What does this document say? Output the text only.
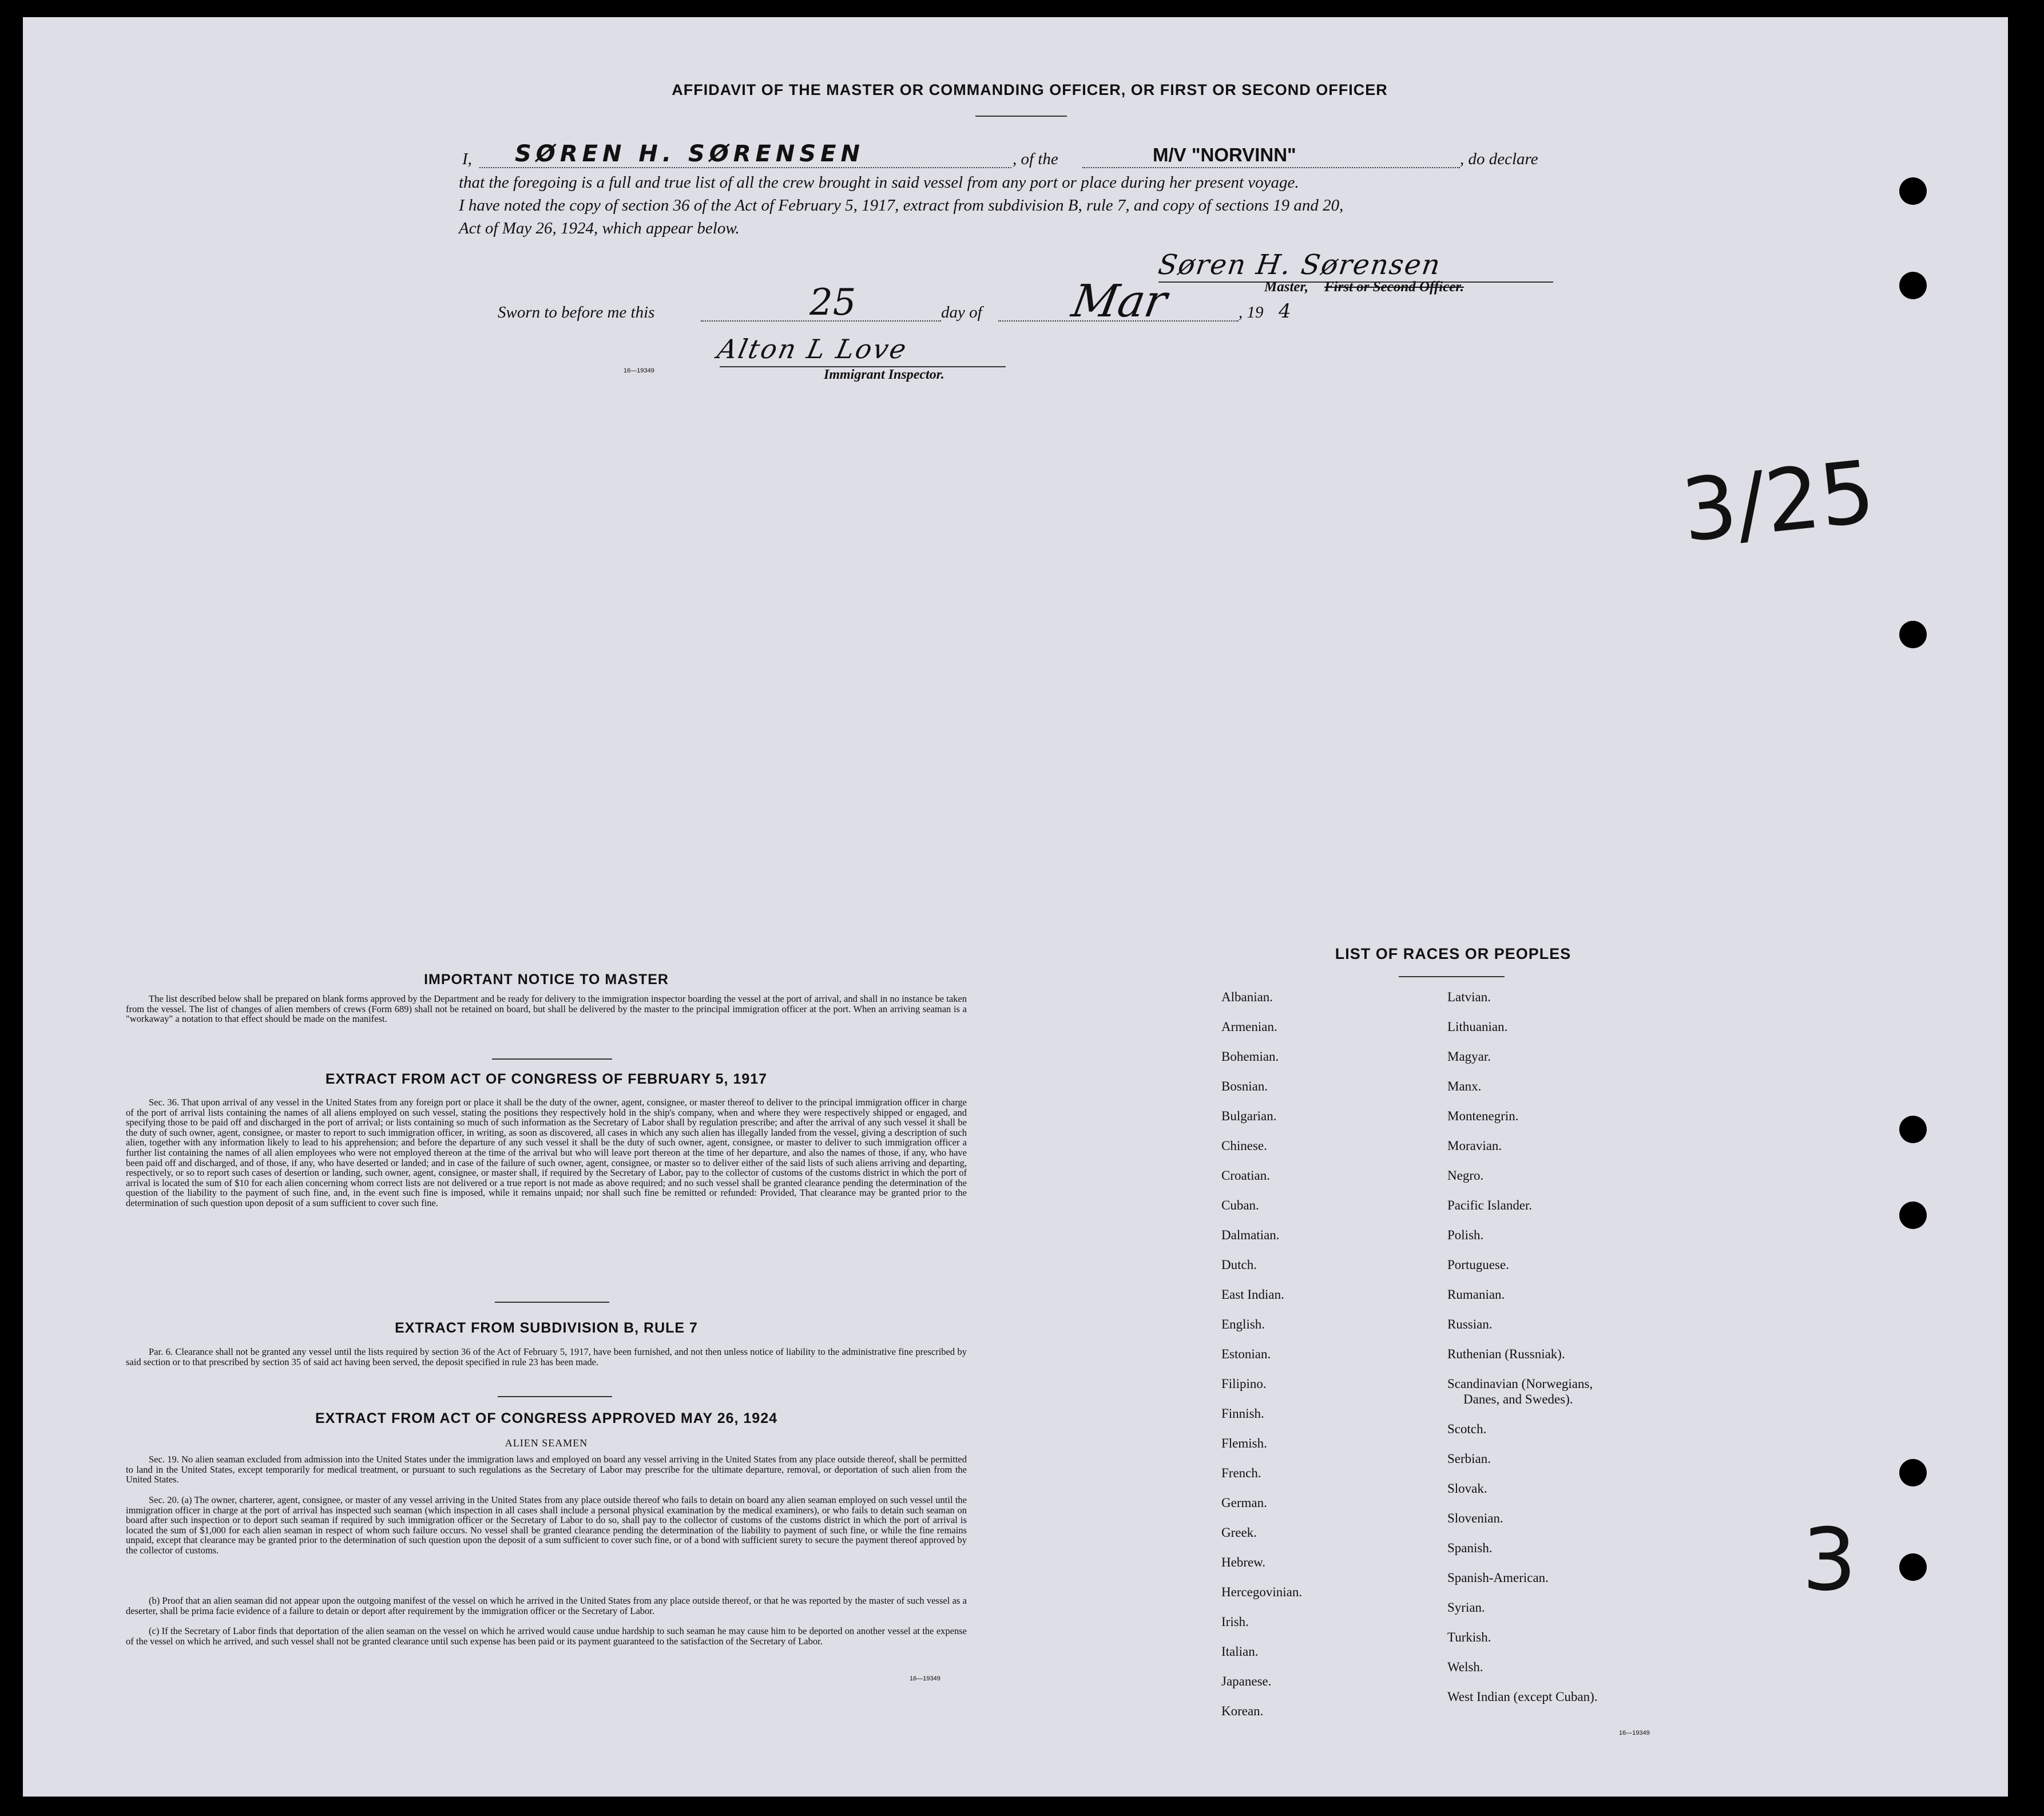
AFFIDAVIT OF THE MASTER OR COMMANDING OFFICER, OR FIRST OR SECOND OFFICER
I, SØREN H. SØRENSEN	, of the	M/V "NORVINN"	, do declare
that the foregoing is a full and true list of all the crew brought in said vessel from any port or place during her present voyage.
I have noted the copy of section 36 of the Act of February 5, 1917, extract from subdivision B, rule 7, and copy of sections 19 and 20,
Act of May 26, 1924, which appear below.
Søren H. Sørensen
Master, First or Second Officer.
Sworn to before me this	25	day of Mar	, 19 4
Alton L Love
16—19349	Immigrant Inspector.
3/25
3
IMPORTANT NOTICE TO MASTER
The list described below shall be prepared on blank forms approved by the Department and be ready for delivery to the immigration inspector boarding the vessel at the port of arrival, and shall in no instance be taken from the vessel. The list of changes of alien members of crews (Form 689) shall not be retained on board, but shall be delivered by the master to the principal immigration officer at the port. When an arriving seaman is a "workaway" a notation to that effect should be made on the manifest.
EXTRACT FROM ACT OF CONGRESS OF FEBRUARY 5, 1917
Sec. 36. That upon arrival of any vessel in the United States from any foreign port or place it shall be the duty of the owner, agent, consignee, or master thereof to deliver to the principal immigration officer in charge of the port of arrival lists containing the names of all aliens employed on such vessel, stating the positions they respectively hold in the ship's company, when and where they were respectively shipped or engaged, and specifying those to be paid off and discharged in the port of arrival; or lists containing so much of such information as the Secretary of Labor shall by regulation prescribe; and after the arrival of any such vessel it shall be the duty of such owner, agent, consignee, or master to report to such immigration officer, in writing, as soon as discovered, all cases in which any such alien has illegally landed from the vessel, giving a description of such alien, together with any information likely to lead to his apprehension; and before the departure of any such vessel it shall be the duty of such owner, agent, consignee, or master to deliver to such immigration officer a further list containing the names of all alien employees who were not employed thereon at the time of the arrival but who will leave port thereon at the time of her departure, and also the names of those, if any, who have been paid off and discharged, and of those, if any, who have deserted or landed; and in case of the failure of such owner, agent, consignee, or master so to deliver either of the said lists of such aliens arriving and departing, respectively, or so to report such cases of desertion or landing, such owner, agent, consignee, or master shall, if required by the Secretary of Labor, pay to the collector of customs of the customs district in which the port of arrival is located the sum of $10 for each alien concerning whom correct lists are not delivered or a true report is not made as above required; and no such vessel shall be granted clearance pending the determination of the question of the liability to the payment of such fine, and, in the event such fine is imposed, while it remains unpaid; nor shall such fine be remitted or refunded: Provided, That clearance may be granted prior to the determination of such question upon deposit of a sum sufficient to cover such fine.
EXTRACT FROM SUBDIVISION B, RULE 7
Par. 6. Clearance shall not be granted any vessel until the lists required by section 36 of the Act of February 5, 1917, have been furnished, and not then unless notice of liability to the administrative fine prescribed by said section or to that prescribed by section 35 of said act having been served, the deposit specified in rule 23 has been made.
EXTRACT FROM ACT OF CONGRESS APPROVED MAY 26, 1924
ALIEN SEAMEN
Sec. 19. No alien seaman excluded from admission into the United States under the immigration laws and employed on board any vessel arriving in the United States from any place outside thereof, shall be permitted to land in the United States, except temporarily for medical treatment, or pursuant to such regulations as the Secretary of Labor may prescribe for the ultimate departure, removal, or deportation of such alien from the United States.
Sec. 20. (a) The owner, charterer, agent, consignee, or master of any vessel arriving in the United States from any place outside thereof who fails to detain on board any alien seaman employed on such vessel until the immigration officer in charge at the port of arrival has inspected such seaman (which inspection in all cases shall include a personal physical examination by the medical examiners), or who fails to detain such seaman on board after such inspection or to deport such seaman if required by such immigration officer or the Secretary of Labor to do so, shall pay to the collector of customs of the customs district in which the port of arrival is located the sum of $1,000 for each alien seaman in respect of whom such failure occurs. No vessel shall be granted clearance pending the determination of the liability to payment of such fine, or while the fine remains unpaid, except that clearance may be granted prior to the determination of such question upon the deposit of a sum sufficient to cover such fine, or of a bond with sufficient surety to secure the payment thereof approved by the collector of customs.
(b) Proof that an alien seaman did not appear upon the outgoing manifest of the vessel on which he arrived in the United States from any place outside thereof, or that he was reported by the master of such vessel as a deserter, shall be prima facie evidence of a failure to detain or deport after requirement by the immigration officer or the Secretary of Labor.
(c) If the Secretary of Labor finds that deportation of the alien seaman on the vessel on which he arrived would cause undue hardship to such seaman he may cause him to be deported on another vessel at the expense of the vessel on which he arrived, and such vessel shall not be granted clearance until such expense has been paid or its payment guaranteed to the satisfaction of the Secretary of Labor.
16—19349
LIST OF RACES OR PEOPLES
Albanian.
Armenian.
Bohemian.
Bosnian.
Bulgarian.
Chinese.
Croatian.
Cuban.
Dalmatian.
Dutch.
East Indian.
English.
Estonian.
Filipino.
Finnish.
Flemish.
French.
German.
Greek.
Hebrew.
Hercegovinian.
Irish.
Italian.
Japanese.
Korean.
Latvian.
Lithuanian.
Magyar.
Manx.
Montenegrin.
Moravian.
Negro.
Pacific Islander.
Polish.
Portuguese.
Rumanian.
Russian.
Ruthenian (Russniak).
Scandinavian (Norwegians,
Danes, and Swedes).
Scotch.
Serbian.
Slovak.
Slovenian.
Spanish.
Spanish-American.
Syrian.
Turkish.
Welsh.
West Indian (except Cuban).
16—19349
